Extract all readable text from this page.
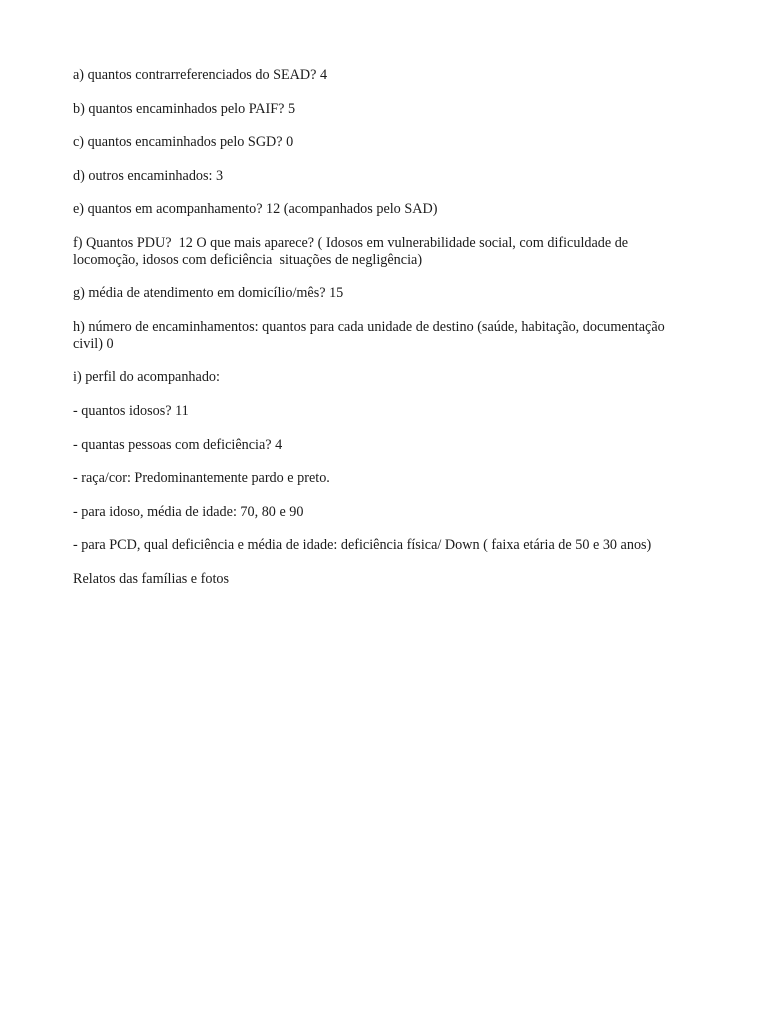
a) quantos contrarreferenciados do SEAD? 4

b) quantos encaminhados pelo PAIF? 5

c) quantos encaminhados pelo SGD? 0

d) outros encaminhados: 3

e) quantos em acompanhamento? 12 (acompanhados pelo SAD)

f) Quantos PDU?  12 O que mais aparece? ( Idosos em vulnerabilidade social, com dificuldade de locomoção, idosos com deficiência  situações de negligência)

g) média de atendimento em domicílio/mês? 15

h) número de encaminhamentos: quantos para cada unidade de destino (saúde, habitação, documentação civil) 0

i) perfil do acompanhado:

- quantos idosos? 11

- quantas pessoas com deficiência? 4

- raça/cor: Predominantemente pardo e preto.

- para idoso, média de idade: 70, 80 e 90

- para PCD, qual deficiência e média de idade: deficiência física/ Down ( faixa etária de 50 e 30 anos)

Relatos das famílias e fotos
